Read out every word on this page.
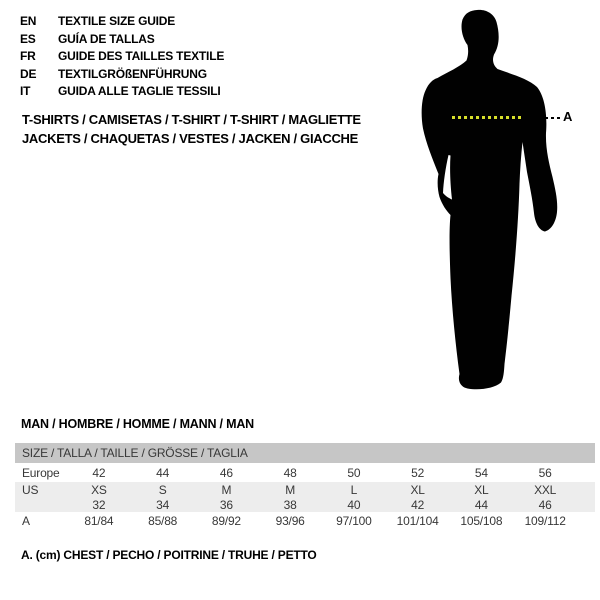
EN	TEXTILE SIZE GUIDE
ES	GUÍA DE TALLAS
FR	GUIDE DES TAILLES TEXTILE
DE	TEXTILGRÖßENFÜHRUNG
IT	GUIDA ALLE TAGLIE TESSILI
T-SHIRTS / CAMISETAS / T-SHIRT / T-SHIRT / MAGLIETTE
JACKETS / CHAQUETAS / VESTES / JACKEN / GIACCHE
A
MAN / HOMBRE / HOMME / MANN / MAN
SIZE / TALLA / TAILLE / GRÖSSE / TAGLIA
Europe	42	44	46	48	50	52	54	56
US	XS	S	M	M	L	XL	XL	XXL
32	34	36	38	40	42	44	46
A	81/84	85/88	89/92	93/96	97/100	101/104	105/108	109/112
A. (cm) CHEST / PECHO / POITRINE / TRUHE / PETTO
